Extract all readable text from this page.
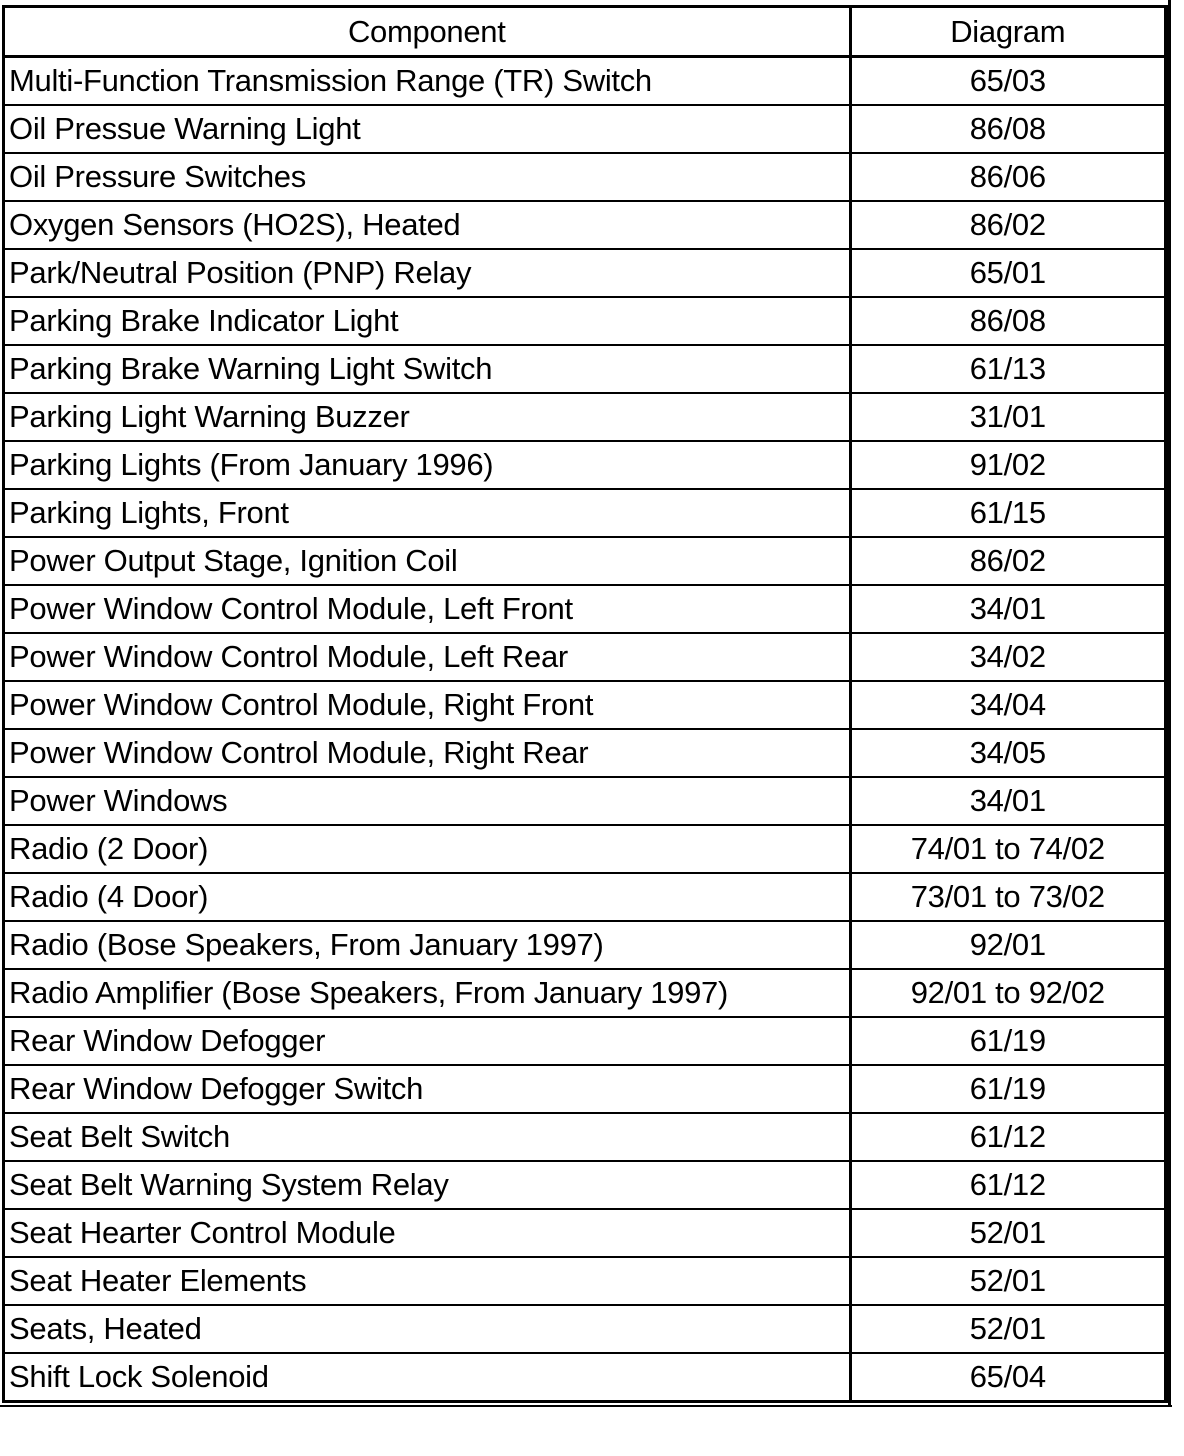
Component	Diagram
Multi-Function Transmission Range (TR) Switch	65/03
Oil Pressue Warning Light	86/08
Oil Pressure Switches	86/06
Oxygen Sensors (HO2S), Heated	86/02
Park/Neutral Position (PNP) Relay	65/01
Parking Brake Indicator Light	86/08
Parking Brake Warning Light Switch	61/13
Parking Light Warning Buzzer	31/01
Parking Lights (From January 1996)	91/02
Parking Lights, Front	61/15
Power Output Stage, Ignition Coil	86/02
Power Window Control Module, Left Front	34/01
Power Window Control Module, Left Rear	34/02
Power Window Control Module, Right Front	34/04
Power Window Control Module, Right Rear	34/05
Power Windows	34/01
Radio (2 Door)	74/01 to 74/02
Radio (4 Door)	73/01 to 73/02
Radio (Bose Speakers, From January 1997)	92/01
Radio Amplifier (Bose Speakers, From January 1997)	92/01 to 92/02
Rear Window Defogger	61/19
Rear Window Defogger Switch	61/19
Seat Belt Switch	61/12
Seat Belt Warning System Relay	61/12
Seat Hearter Control Module	52/01
Seat Heater Elements	52/01
Seats, Heated	52/01
Shift Lock Solenoid	65/04
